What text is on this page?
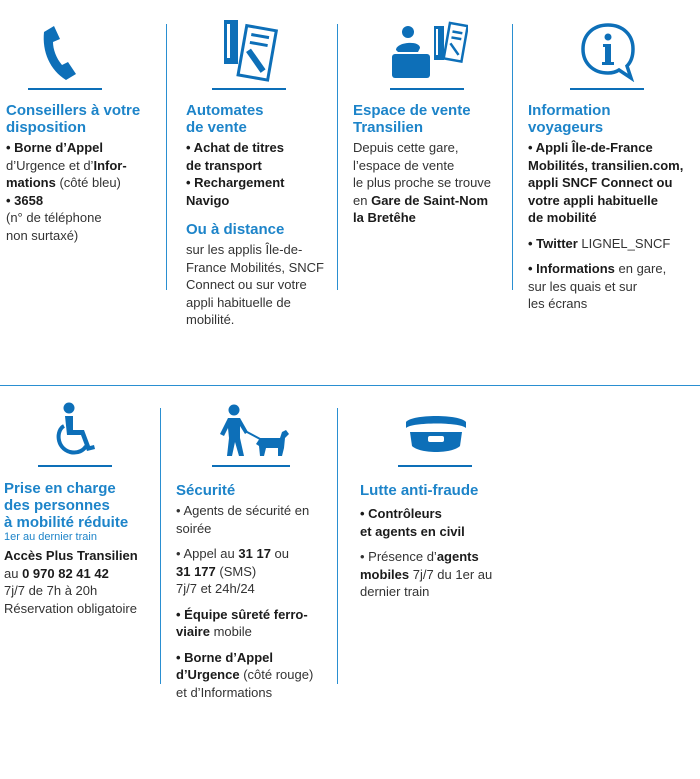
Conseillers à votre disposition

• Borne d’Appel

d’Urgence et d’Infor-

mations (côté bleu)

• 3658

(n° de téléphone

non surtaxé)

Automates
de vente

• Achat de titres

de transport

• Rechargement

Navigo

Ou à distance

sur les applis Île-de-

France Mobilités, SNCF

Connect ou sur votre

appli habituelle de

mobilité.

Espace de vente
Transilien

Depuis cette gare,

l’espace de vente

le plus proche se trouve

en Gare de Saint-Nom

la Bretêhe

Information
voyageurs

• Appli Île-de-France

Mobilités, transilien.com,

appli SNCF Connect ou

votre appli habituelle

de mobilité

• Twitter LIGNEL_SNCF

• Informations en gare,

sur les quais et sur

les écrans

Prise en charge
des personnes
à mobilité réduite
1er au dernier train

Accès Plus Transilien

au 0 970 82 41 42

7j/7 de 7h à 20h

Réservation obligatoire

Sécurité

• Agents de sécurité en

soirée

• Appel au 31 17 ou

31 177 (SMS)

7j/7 et 24h/24

• Équipe sûreté ferro-

viaire mobile

• Borne d’Appel

d’Urgence (côté rouge)

et d’Informations

Lutte anti-fraude

• Contrôleurs

et agents en civil

• Présence d’agents

mobiles 7j/7 du 1er au

dernier train
